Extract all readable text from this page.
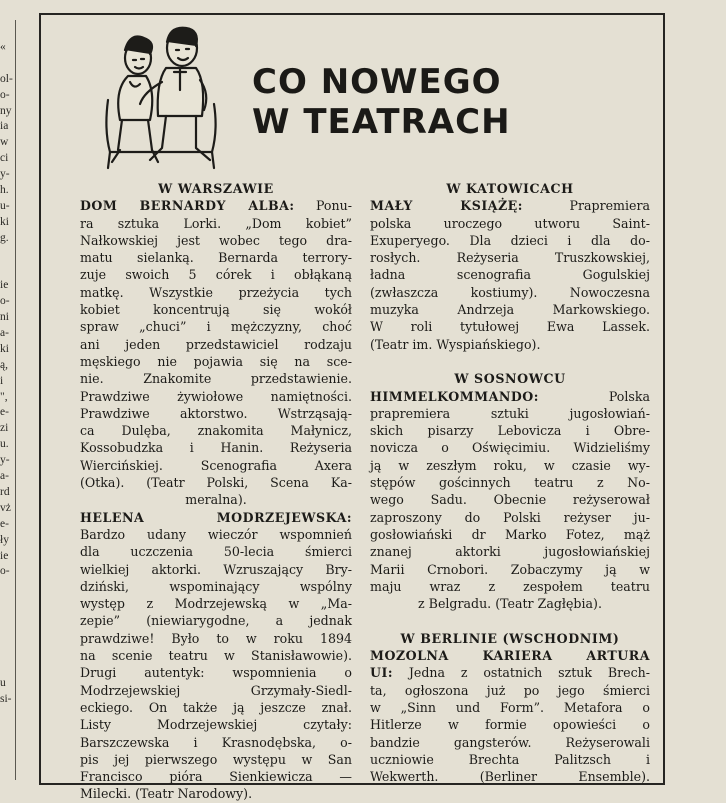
«
ol-
o-
ny
ia
w
ci
y-
h.
u-
ki
g.
ie
o-
ni
a-
ki
ą,
i
",
e-
zi
u.
y-
a-
rd
vż
e-
ły
ie
o-
u
si-
CO NOWEGO
W TEATRACH
W WARSZAWIE
DOM BERNARDY ALBA: Ponu-
ra sztuka Lorki. „Dom kobiet”
Nałkowskiej jest wobec tego dra-
matu sielanką. Bernarda terrory-
zuje swoich 5 córek i obłąkaną
matkę. Wszystkie przeżycia tych
kobiet koncentrują się wokół
spraw „chuci” i mężczyzny, choć
ani jeden przedstawiciel rodzaju
męskiego nie pojawia się na sce-
nie. Znakomite przedstawienie.
Prawdziwe żywiołowe namiętności.
Prawdziwe aktorstwo. Wstrząsają-
ca Dulęba, znakomita Małynicz,
Kossobudzka i Hanin. Reżyseria
Wiercińskiej. Scenografia Axera
(Otka). (Teatr Polski, Scena Ka-
meralna).
HELENA MODRZEJEWSKA:
Bardzo udany wieczór wspomnień
dla uczczenia 50-lecia śmierci
wielkiej aktorki. Wzruszający Bry-
dziński, wspominający wspólny
występ z Modrzejewską w „Ma-
zepie” (niewiarygodne, a jednak
prawdziwe! Było to w roku 1894
na scenie teatru w Stanisławowie).
Drugi autentyk: wspomnienia o
Modrzejewskiej Grzymały-Siedl-
eckiego. On także ją jeszcze znał.
Listy Modrzejewskiej czytały:
Barszczewska i Krasnodębska, o-
pis jej pierwszego występu w San
Francisco pióra Sienkiewicza —
Milecki. (Teatr Narodowy).
W KATOWICACH
MAŁY KSIĄŻĘ: Prapremiera
polska uroczego utworu Saint-
Exuperyego. Dla dzieci i dla do-
rosłych. Reżyseria Truszkowskiej,
ładna scenografia Gogulskiej
(zwłaszcza kostiumy). Nowoczesna
muzyka Andrzeja Markowskiego.
W roli tytułowej Ewa Lassek.
(Teatr im. Wyspiańskiego).
W SOSNOWCU
HIMMELKOMMANDO: Polska
prapremiera sztuki jugosłowiań-
skich pisarzy Lebovicza i Obre-
novicza o Oświęcimiu. Widzieliśmy
ją w zeszłym roku, w czasie wy-
stępów gościnnych teatru z No-
wego Sadu. Obecnie reżyserował
zaproszony do Polski reżyser ju-
gosłowiański dr Marko Fotez, mąż
znanej aktorki jugosłowiańskiej
Marii Crnobori. Zobaczymy ją w
maju wraz z zespołem teatru
z Belgradu. (Teatr Zagłębia).
W BERLINIE (WSCHODNIM)
MOZOLNA KARIERA ARTURA
UI: Jedna z ostatnich sztuk Brech-
ta, ogłoszona już po jego śmierci
w „Sinn und Form”. Metafora o
Hitlerze w formie opowieści o
bandzie gangsterów. Reżyserowali
uczniowie Brechta Palitzsch i
Wekwerth. (Berliner Ensemble).
